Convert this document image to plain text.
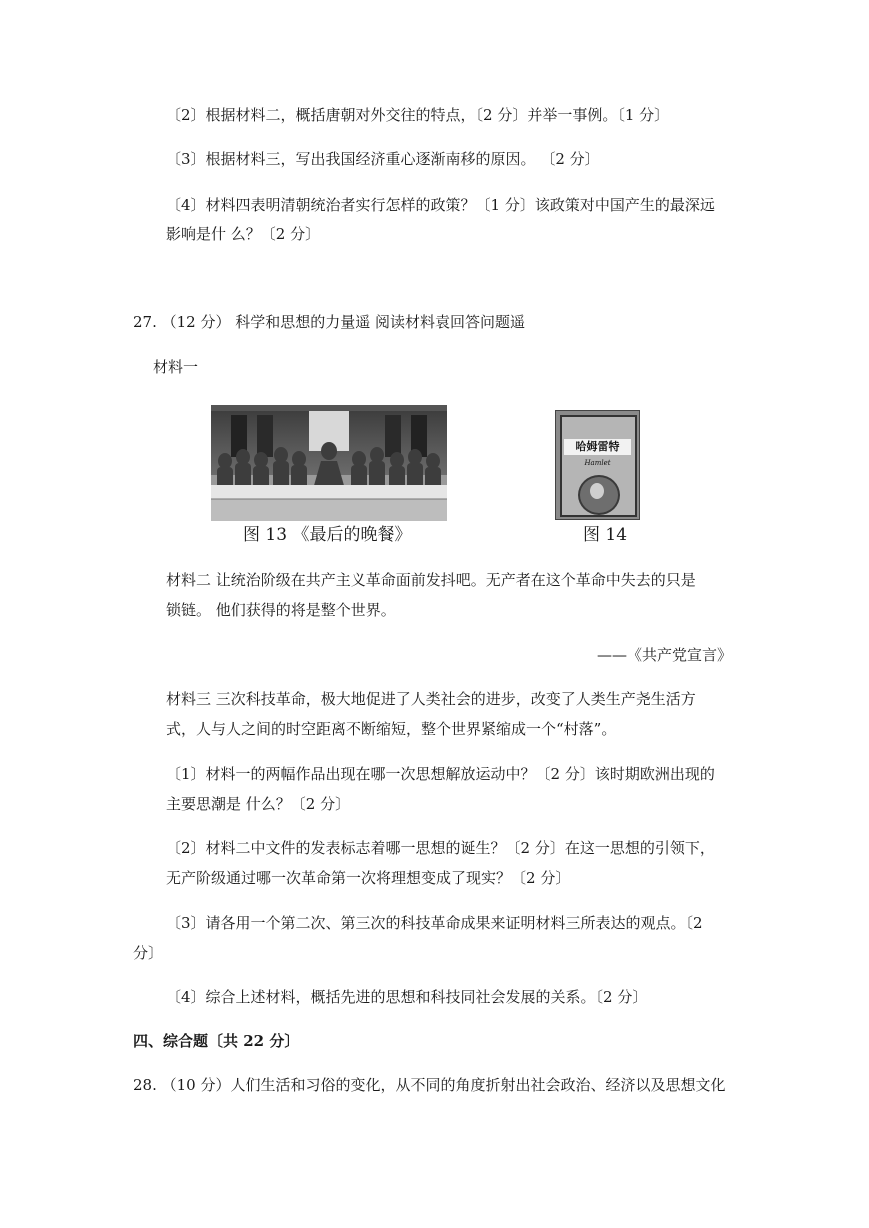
〔2〕根据材料二，概括唐朝对外交往的特点，〔2 分〕并举一事例。〔1 分〕
〔3〕根据材料三，写出我国经济重心逐渐南移的原因。 〔2 分〕
〔4〕材料四表明清朝统治者实行怎样的政策？〔1 分〕该政策对中国产生的最深远
影响是什 么？〔2 分〕
27. （12 分） 科学和思想的力量遥 阅读材料袁回答问题遥
材料一
图 13 《最后的晚餐》
哈姆雷特
Hamlet
图 14
材料二 让统治阶级在共产主义革命面前发抖吧。无产者在这个革命中失去的只是
锁链。 他们获得的将是整个世界。
——《共产党宣言》
材料三 三次科技革命，极大地促进了人类社会的进步，改变了人类生产尧生活方
式，人与人之间的时空距离不断缩短，整个世界紧缩成一个“村落”。
〔1〕材料一的两幅作品出现在哪一次思想解放运动中？〔2 分〕该时期欧洲出现的
主要思潮是 什么？〔2 分〕
〔2〕材料二中文件的发表标志着哪一思想的诞生？〔2 分〕在这一思想的引领下，
无产阶级通过哪一次革命第一次将理想变成了现实？〔2 分〕
〔3〕请各用一个第二次、第三次的科技革命成果来证明材料三所表达的观点。〔2
分〕
〔4〕综合上述材料，概括先进的思想和科技同社会发展的关系。〔2 分〕
四、综合题〔共 22 分〕
28. （10 分）人们生活和习俗的变化，从不同的角度折射出社会政治、经济以及思想文化
